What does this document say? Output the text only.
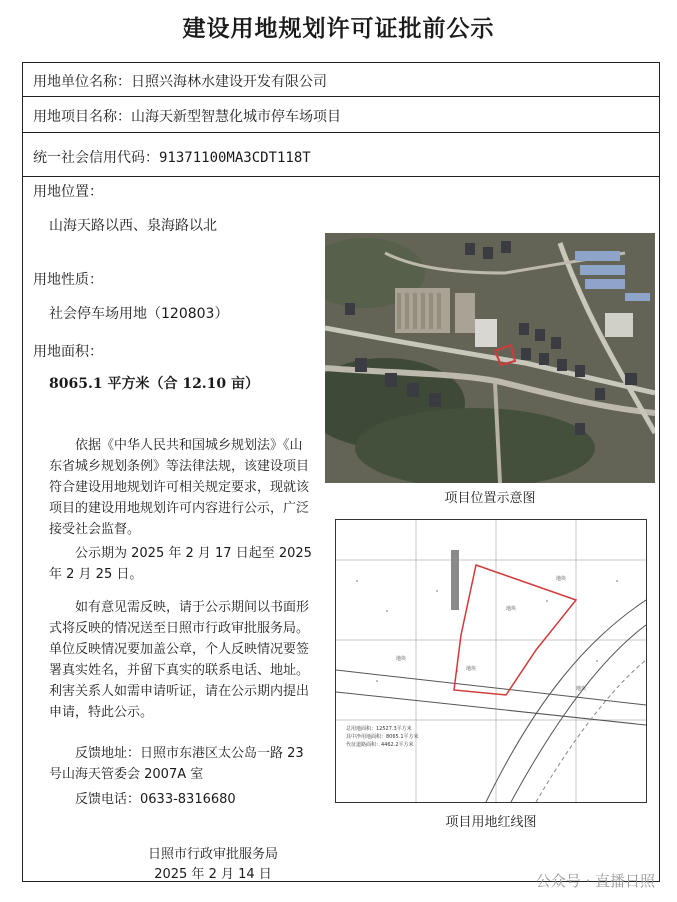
建设用地规划许可证批前公示
用地单位名称：日照兴海林水建设开发有限公司
用地项目名称：山海天新型智慧化城市停车场项目
统一社会信用代码：91371100MA3CDT118T
用地位置：
山海天路以西、泉海路以北
用地性质：
社会停车场用地（120803）
用地面积：
8065.1 平方米（合 12.10 亩）
依据《中华人民共和国城乡规划法》《山东省城乡规划条例》等法律法规，该建设项目符合建设用地规划许可相关规定要求，现就该项目的建设用地规划许可内容进行公示，广泛接受社会监督。
公示期为 2025 年 2 月 17 日起至 2025 年 2 月 25 日。
如有意见需反映，请于公示期间以书面形式将反映的情况送至日照市行政审批服务局。单位反映情况要加盖公章，个人反映情况要签署真实姓名，并留下真实的联系电话、地址。利害关系人如需申请听证，请在公示期内提出申请，特此公示。
反馈地址：日照市东港区太公岛一路 23 号山海天管委会 2007A 室
反馈电话：0633-8316680
项目位置示意图
地块
地块
地块
地块
地块
总用地面积：12527.3平方米
其中净用地面积：8065.1平方米
代征道路面积：4462.2平方米
项目用地红线图
日照市行政审批服务局
2025 年 2 月 14 日	公众号 · 直播日照
